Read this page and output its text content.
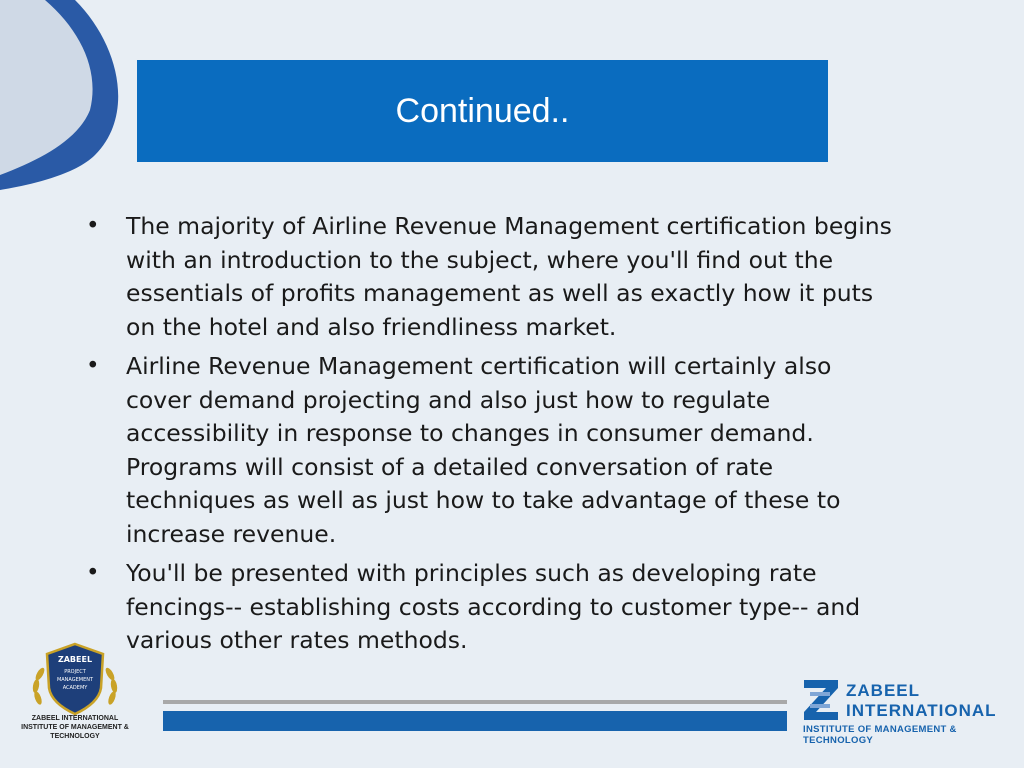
Continued..
• The majority of Airline Revenue Management certification begins with an introduction to the subject, where you'll find out the essentials of profits management as well as exactly how it puts on the hotel and also friendliness market.
• Airline Revenue Management certification will certainly also cover demand projecting and also just how to regulate accessibility in response to changes in consumer demand. Programs will consist of a detailed conversation of rate techniques as well as just how to take advantage of these to increase revenue.
• You'll be presented with principles such as developing rate fencings-- establishing costs according to customer type-- and various other rates methods.
ZABEEL
PROJECT
MANAGEMENT
ACADEMY
ZABEEL INTERNATIONAL
INSTITUTE OF MANAGEMENT & TECHNOLOGY
ZABEEL
INTERNATIONAL
INSTITUTE OF MANAGEMENT & TECHNOLOGY
